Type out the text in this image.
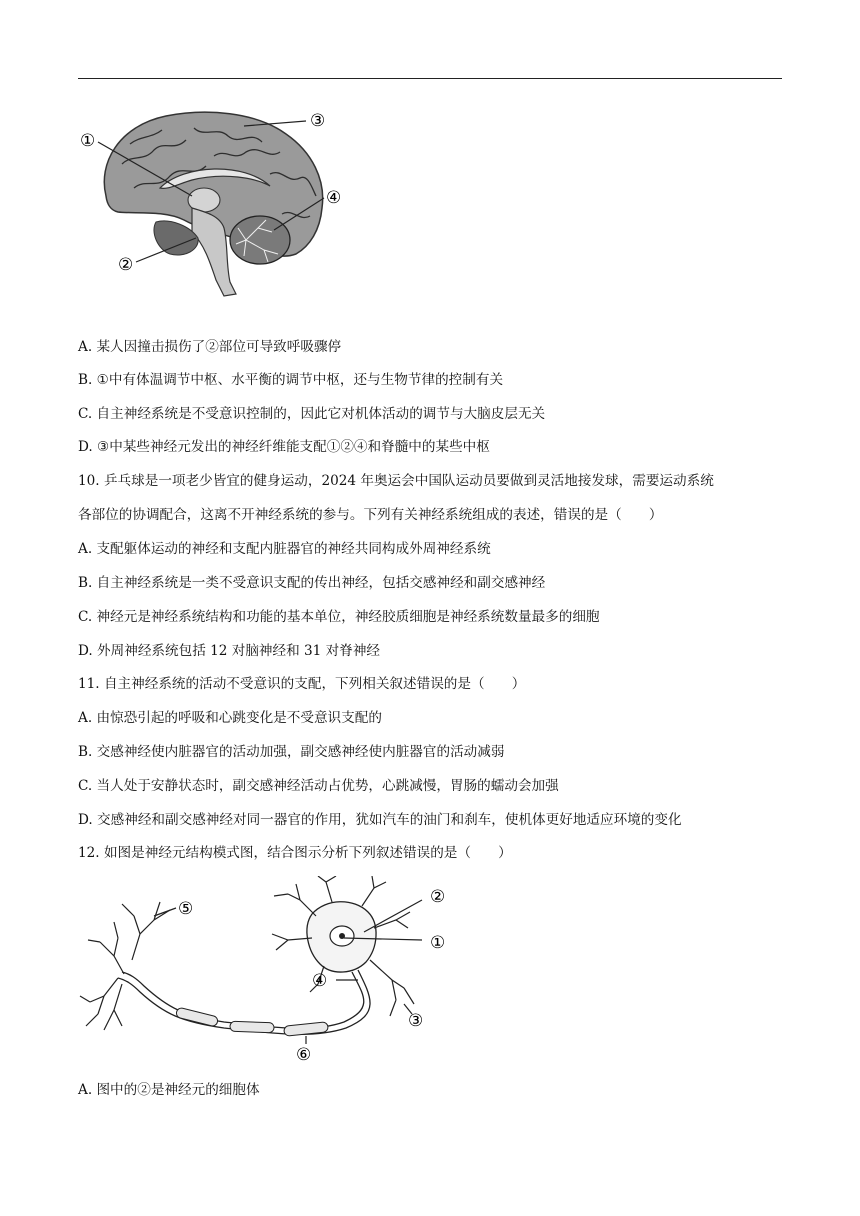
①
②
③
④
A. 某人因撞击损伤了②部位可导致呼吸骤停
B. ①中有体温调节中枢、水平衡的调节中枢，还与生物节律的控制有关
C. 自主神经系统是不受意识控制的，因此它对机体活动的调节与大脑皮层无关
D. ③中某些神经元发出的神经纤维能支配①②④和脊髓中的某些中枢
10. 乒乓球是一项老少皆宜的健身运动，2024 年奥运会中国队运动员要做到灵活地接发球，需要运动系统
各部位的协调配合，这离不开神经系统的参与。下列有关神经系统组成的表述，错误的是（　　）
A. 支配躯体运动的神经和支配内脏器官的神经共同构成外周神经系统
B. 自主神经系统是一类不受意识支配的传出神经，包括交感神经和副交感神经
C. 神经元是神经系统结构和功能的基本单位，神经胶质细胞是神经系统数量最多的细胞
D. 外周神经系统包括 12 对脑神经和 31 对脊神经
11. 自主神经系统的活动不受意识的支配，下列相关叙述错误的是（　　）
A. 由惊恐引起的呼吸和心跳变化是不受意识支配的
B. 交感神经使内脏器官的活动加强，副交感神经使内脏器官的活动减弱
C. 当人处于安静状态时，副交感神经活动占优势，心跳减慢，胃肠的蠕动会加强
D. 交感神经和副交感神经对同一器官的作用，犹如汽车的油门和刹车，使机体更好地适应环境的变化
12. 如图是神经元结构模式图，结合图示分析下列叙述错误的是（　　）
①
②
③
④
⑤
⑥
A. 图中的②是神经元的细胞体
